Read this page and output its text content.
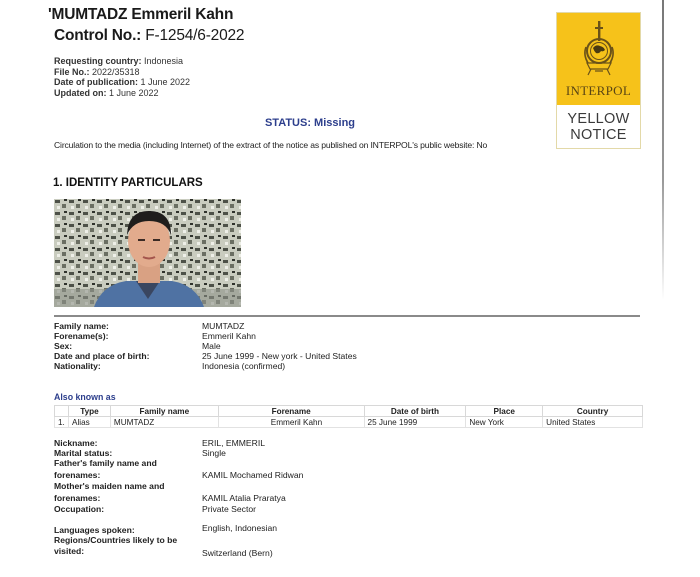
'MUMTADZ Emmeril Kahn
Control No.: F-1254/6-2022
Requesting country: Indonesia
File No.: 2022/35318
Date of publication: 1 June 2022
Updated on: 1 June 2022	INTERPOL
YELLOW
NOTICE
STATUS: Missing
Circulation to the media (including Internet) of the extract of the notice as published on INTERPOL's public website: No
1. IDENTITY PARTICULARS
Family name:	MUMTADZ
Forename(s):	Emmeril Kahn
Sex:	Male
Date and place of birth:	25 June 1999 - New york - United States
Nationality:	Indonesia (confirmed)
Also known as
	Type	Family name	Forename	Date of birth	Place	Country
1.	Alias	MUMTADZ	Emmeril Kahn	25 June 1999	New York	United States
Nickname:	ERIL, EMMERIL
Marital status:	Single
Father's family name and
forenames:	KAMIL Mochamed Ridwan
Mother's maiden name and
forenames:	KAMIL Atalia Praratya
Occupation:	Private Sector
Languages spoken:	English, Indonesian
Regions/Countries likely to be
visited:	Switzerland (Bern)
